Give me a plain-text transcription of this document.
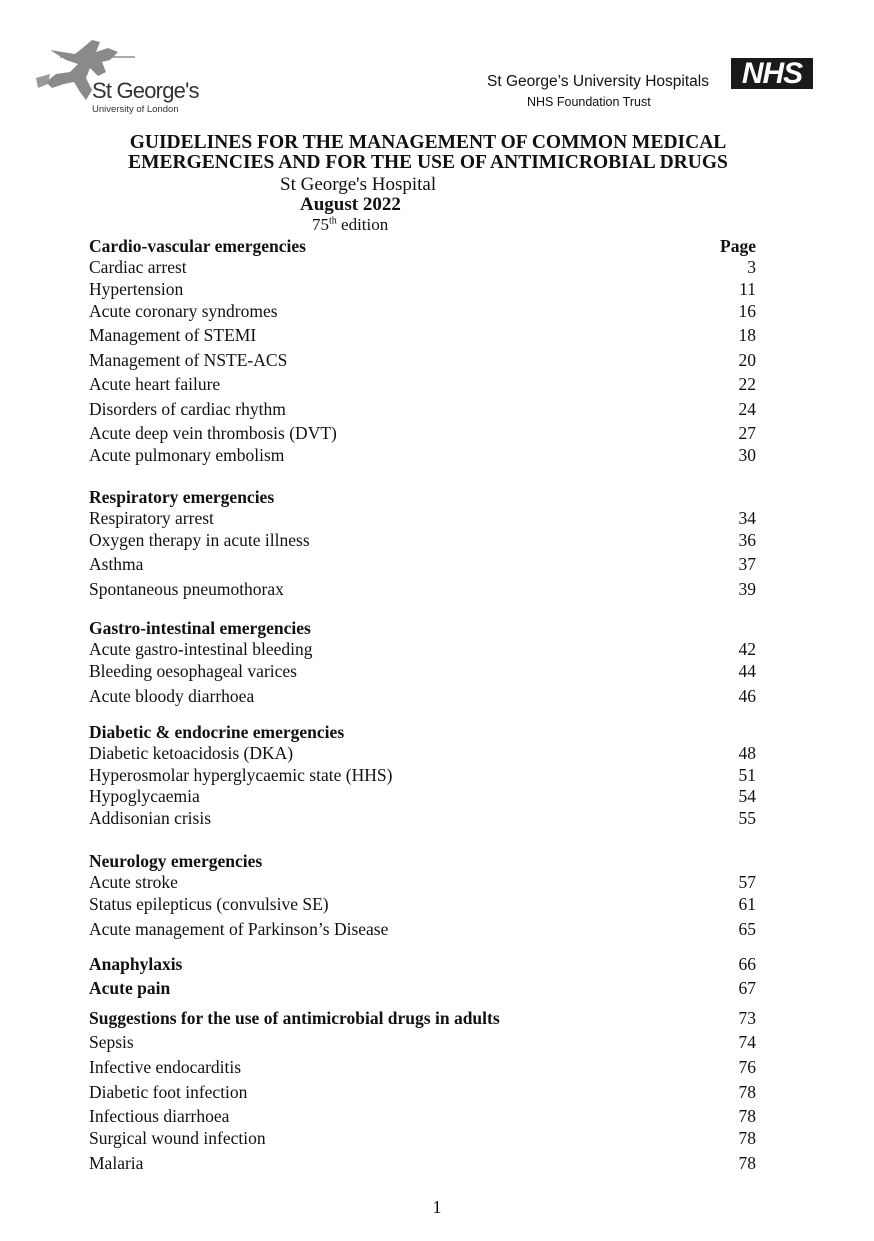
St George's
University of London
St George’s University Hospitals
NHS Foundation Trust
NHS
GUIDELINES FOR THE MANAGEMENT OF COMMON MEDICAL
EMERGENCIES AND FOR THE USE OF ANTIMICROBIAL DRUGS
St George's Hospital
August 2022
75th edition
Cardio-vascular emergencies	Page
Cardiac arrest	3
Hypertension	11
Acute coronary syndromes	16
Management of STEMI	18
Management of NSTE-ACS	20
Acute heart failure	22
Disorders of cardiac rhythm	24
Acute deep vein thrombosis (DVT)	27
Acute pulmonary embolism	30
Respiratory emergencies
Respiratory arrest	34
Oxygen therapy in acute illness	36
Asthma	37
Spontaneous pneumothorax	39
Gastro-intestinal emergencies
Acute gastro-intestinal bleeding	42
Bleeding oesophageal varices	44
Acute bloody diarrhoea	46
Diabetic & endocrine emergencies
Diabetic ketoacidosis (DKA)	48
Hyperosmolar hyperglycaemic state (HHS)	51
Hypoglycaemia	54
Addisonian crisis	55
Neurology emergencies
Acute stroke	57
Status epilepticus (convulsive SE)	61
Acute management of Parkinson’s Disease	65
Anaphylaxis	66
Acute pain	67
Suggestions for the use of antimicrobial drugs in adults	73
Sepsis	74
Infective endocarditis	76
Diabetic foot infection	78
Infectious diarrhoea	78
Surgical wound infection	78
Malaria	78
1
